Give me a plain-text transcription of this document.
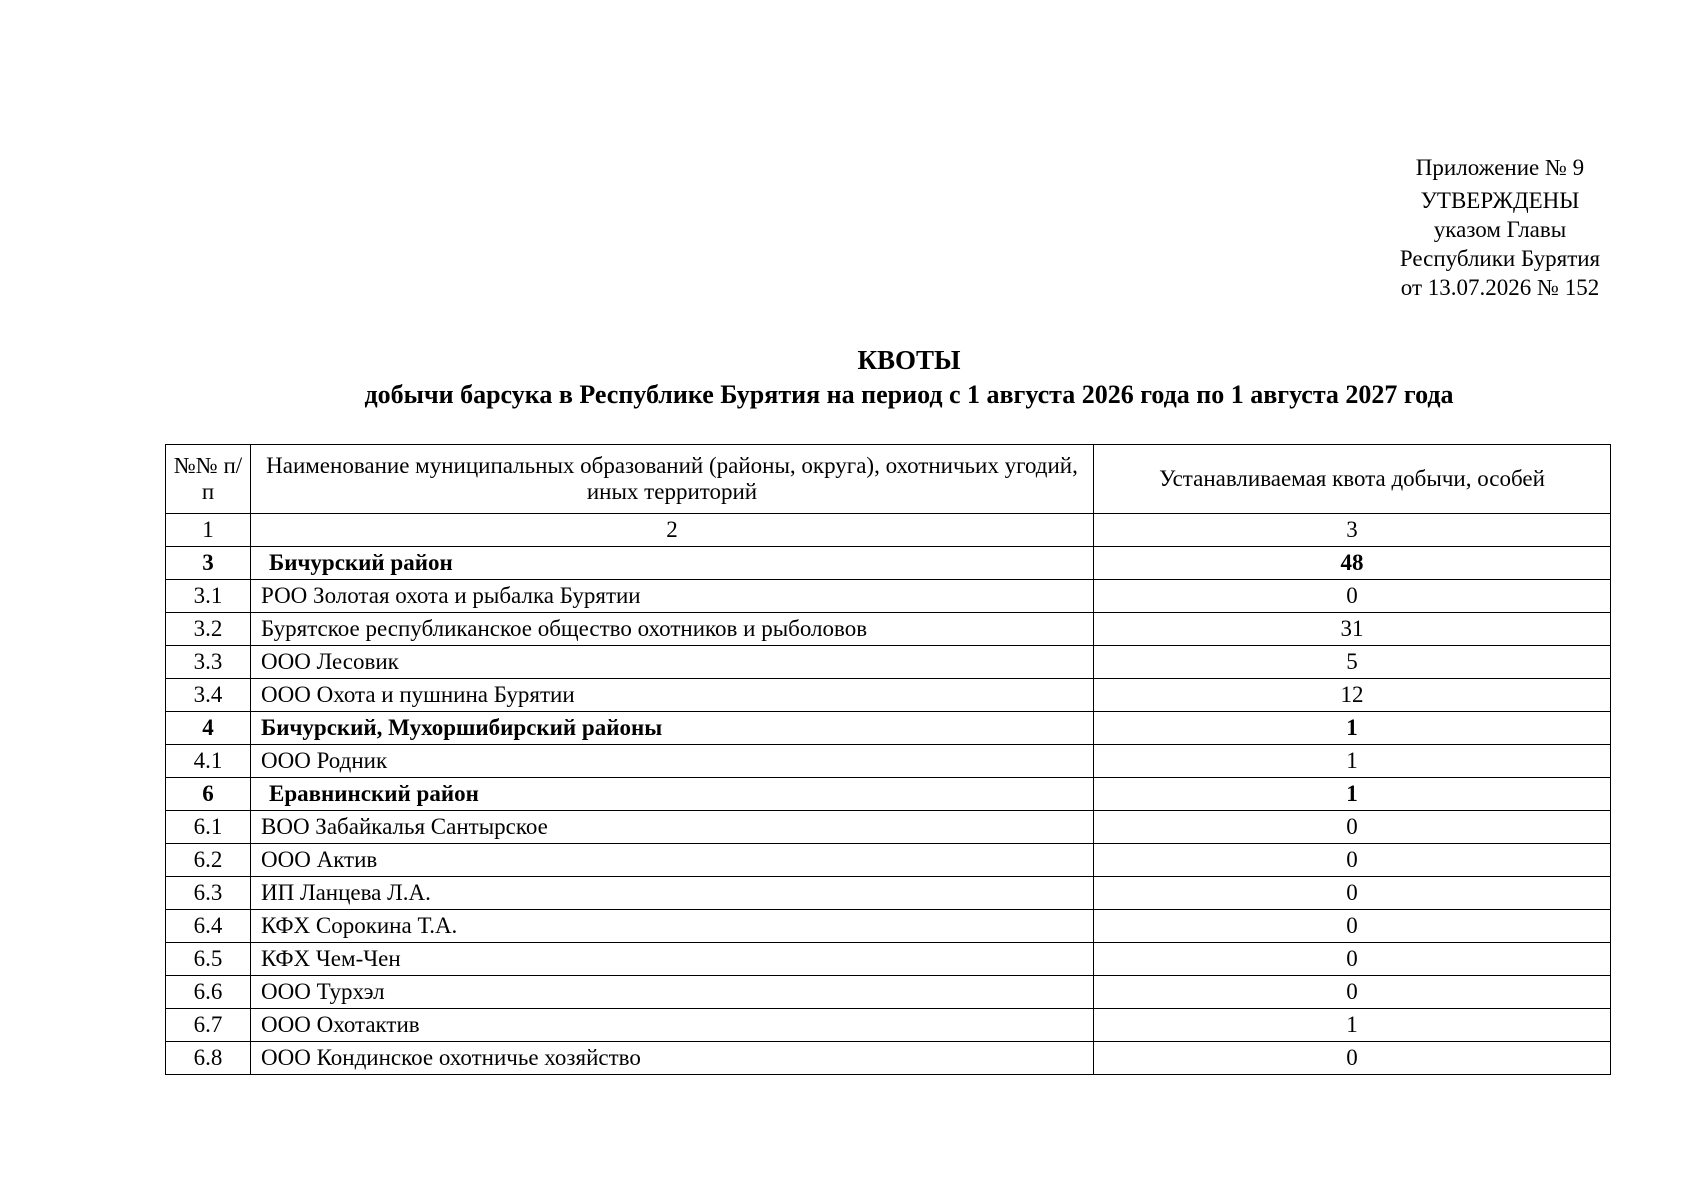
Приложение № 9
УТВЕРЖДЕНЫ
указом Главы
Республики Бурятия
от 13.07.2026 № 152
КВОТЫ
добычи барсука в Республике Бурятия на период с 1 августа 2026 года по 1 августа 2027 года
№№ п/п	Наименование муниципальных образований (районы, округа), охотничьих угодий, иных территорий	Устанавливаемая квота добычи, особей
1	2	3
3	Бичурский район	48
3.1	РОО Золотая охота и рыбалка Бурятии	0
3.2	Бурятское республиканское общество охотников и рыболовов	31
3.3	ООО Лесовик	5
3.4	ООО Охота и пушнина Бурятии	12
4	Бичурский, Мухоршибирский районы	1
4.1	ООО Родник	1
6	Еравнинский район	1
6.1	ВОО Забайкалья Сантырское	0
6.2	ООО Актив	0
6.3	ИП Ланцева Л.А.	0
6.4	КФХ Сорокина Т.А.	0
6.5	КФХ Чем-Чен	0
6.6	ООО Турхэл	0
6.7	ООО Охотактив	1
6.8	ООО Кондинское охотничье хозяйство	0
